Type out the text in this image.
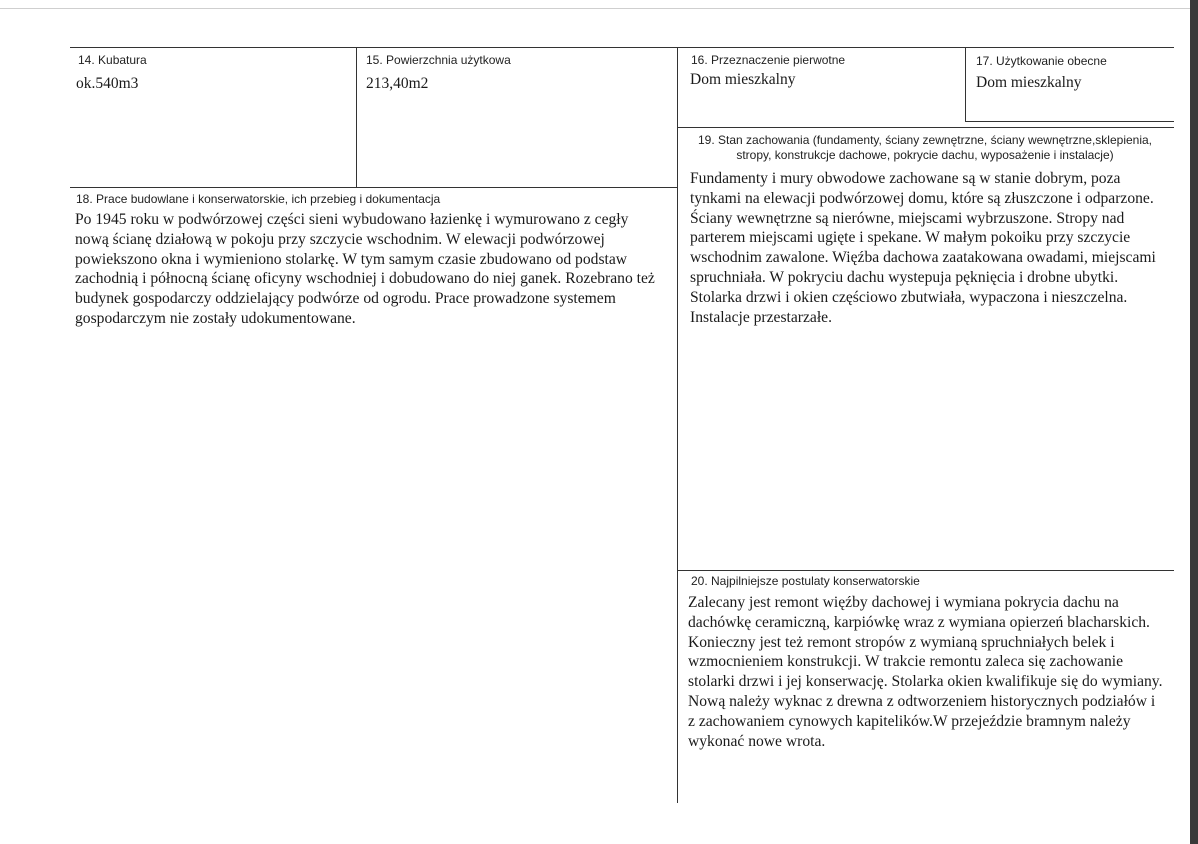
14. Kubatura
ok.540m3
15. Powierzchnia użytkowa
213,40m2
16. Przeznaczenie pierwotne
Dom mieszkalny
17. Użytkowanie obecne
Dom mieszkalny
19. Stan zachowania (fundamenty, ściany zewnętrzne, ściany wewnętrzne,sklepienia, stropy, konstrukcje dachowe, pokrycie dachu, wyposażenie i instalacje)
Fundamenty i mury obwodowe zachowane są w stanie dobrym, poza tynkami na elewacji podwórzowej domu, które są złuszczone i odparzone. Ściany wewnętrzne są nierówne, miejscami wybrzuszone. Stropy nad parterem miejscami ugięte i spekane. W małym pokoiku przy szczycie wschodnim zawalone. Więźba dachowa zaatakowana owadami, miejscami spruchniała. W pokryciu dachu wystepuja pęknięcia i drobne ubytki. Stolarka drzwi i okien częściowo zbutwiała, wypaczona i nieszczelna. Instalacje przestarzałe.
18. Prace budowlane i konserwatorskie, ich przebieg i dokumentacja
Po 1945 roku w podwórzowej części sieni wybudowano łazienkę i wymurowano z cegły nową ścianę działową w pokoju przy szczycie wschodnim. W elewacji podwórzowej powiekszono okna i wymieniono stolarkę. W tym samym czasie zbudowano od podstaw zachodnią i północną ścianę oficyny wschodniej i dobudowano do niej ganek. Rozebrano też budynek gospodarczy oddzielający podwórze od ogrodu. Prace prowadzone systemem gospodarczym nie zostały udokumentowane.
20. Najpilniejsze postulaty konserwatorskie
Zalecany jest remont więźby dachowej i wymiana pokrycia dachu na dachówkę ceramiczną, karpiówkę wraz z wymiana opierzeń blacharskich. Konieczny jest też remont stropów z wymianą spruchniałych belek i wzmocnieniem konstrukcji. W trakcie remontu zaleca się zachowanie stolarki drzwi i jej konserwację. Stolarka okien kwalifikuje się do wymiany. Nową należy wyknac z drewna z odtworzeniem historycznych podziałów i z zachowaniem cynowych kapitelików.W przejeździe bramnym należy wykonać nowe wrota.
